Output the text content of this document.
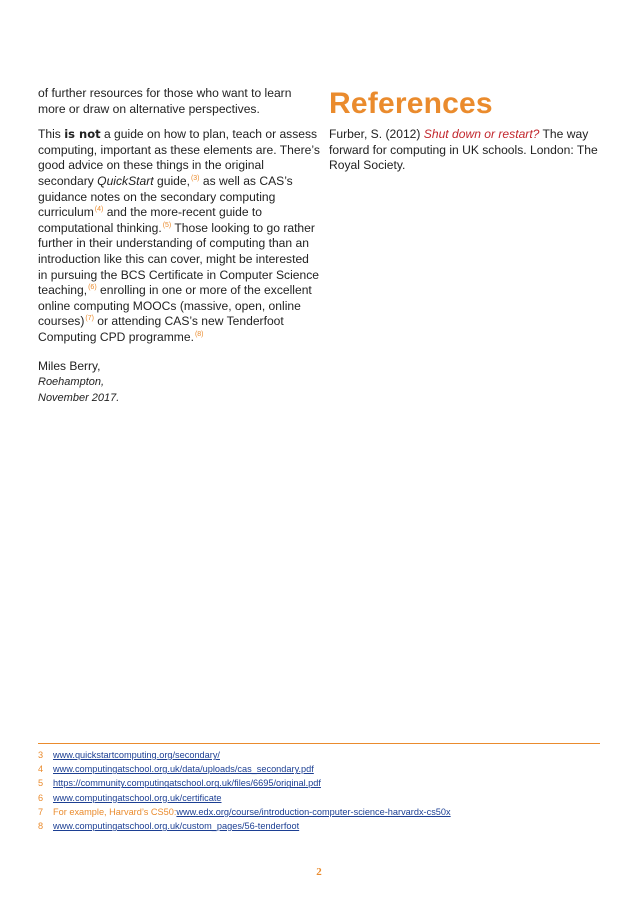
of further resources for those who want to learn more or draw on alternative perspectives.

This is not a guide on how to plan, teach or assess computing, important as these elements are. There’s good advice on these things in the original secondary QuickStart guide,$^{(3)}$ as well as CAS’s guidance notes on the secondary computing curriculum$^{(4)}$ and the more-recent guide to computational thinking.$^{(5)}$ Those looking to go rather further in their understanding of computing than an introduction like this can cover, might be interested in pursuing the BCS Certificate in Computer Science teaching,$^{(6)}$ enrolling in one or more of the excellent online computing MOOCs (massive, open, online courses)$^{(7)}$ or attending CAS’s new Tenderfoot Computing CPD programme.$^{(8)}$

Miles Berry,
Roehampton,
November 2017.
References

Furber, S. (2012) Shut down or restart? The way forward for computing in UK schools. London: The Royal Society.

3	www.quickstartcomputing.org/secondary/
4	www.computingatschool.org.uk/data/uploads/cas_secondary.pdf
5	https://community.computingatschool.org.uk/files/6695/original.pdf
6	www.computingatschool.org.uk/certificate
7	For example, Harvard’s CS50: www.edx.org/course/introduction-computer-science-harvardx-cs50x
8	www.computingatschool.org.uk/custom_pages/56-tenderfoot
2
